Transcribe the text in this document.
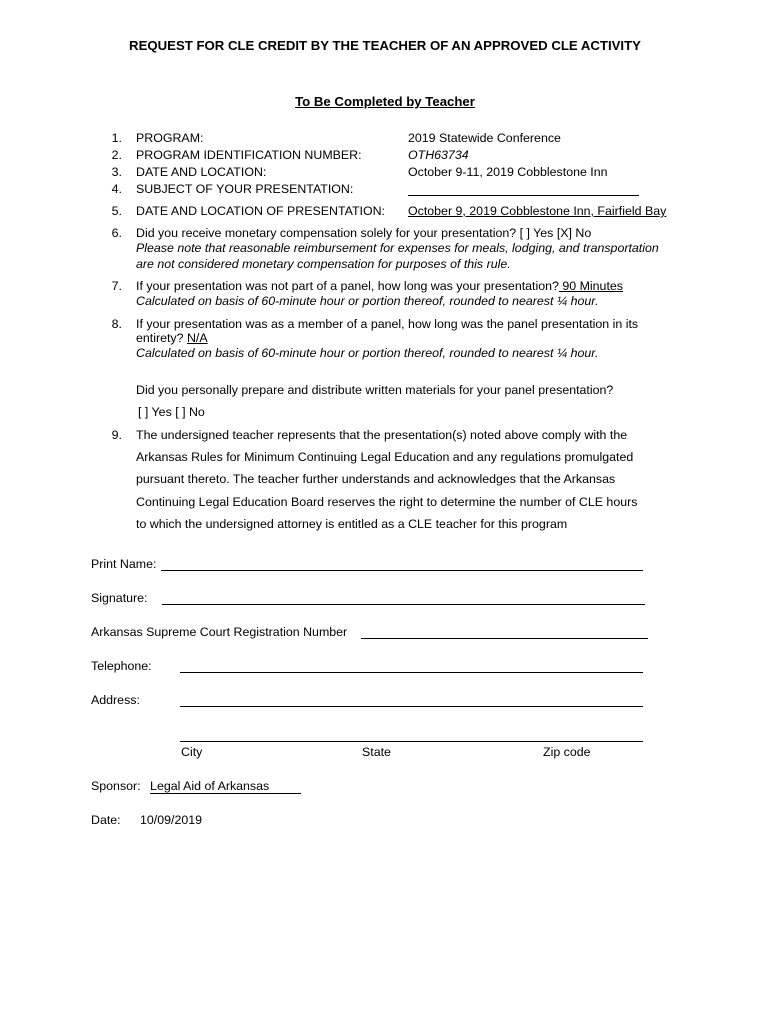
REQUEST FOR CLE CREDIT BY THE TEACHER OF AN APPROVED CLE ACTIVITY
To Be Completed by Teacher
1. PROGRAM:	2019 Statewide Conference
2. PROGRAM IDENTIFICATION NUMBER:	OTH63734
3. DATE AND LOCATION:	October 9-11, 2019 Cobblestone Inn
4. SUBJECT OF YOUR PRESENTATION:
5. DATE AND LOCATION OF PRESENTATION: October 9, 2019 Cobblestone Inn, Fairfield Bay
6. Did you receive monetary compensation solely for your presentation? [ ] Yes [X] No
Please note that reasonable reimbursement for expenses for meals, lodging, and transportation
are not considered monetary compensation for purposes of this rule.
7. If your presentation was not part of a panel, how long was your presentation? 90 Minutes
Calculated on basis of 60-minute hour or portion thereof, rounded to nearest ¼ hour.
8. If your presentation was as a member of a panel, how long was the panel presentation in its
entirety? N/A
Calculated on basis of 60-minute hour or portion thereof, rounded to nearest ¼ hour.
Did you personally prepare and distribute written materials for your panel presentation?
[ ] Yes [ ] No
9. The undersigned teacher represents that the presentation(s) noted above comply with the
Arkansas Rules for Minimum Continuing Legal Education and any regulations promulgated
pursuant thereto. The teacher further understands and acknowledges that the Arkansas
Continuing Legal Education Board reserves the right to determine the number of CLE hours
to which the undersigned attorney is entitled as a CLE teacher for this program
Print Name:
Signature:
Arkansas Supreme Court Registration Number
Telephone:
Address:
City	State	Zip code
Sponsor: Legal Aid of Arkansas
Date: 10/09/2019
